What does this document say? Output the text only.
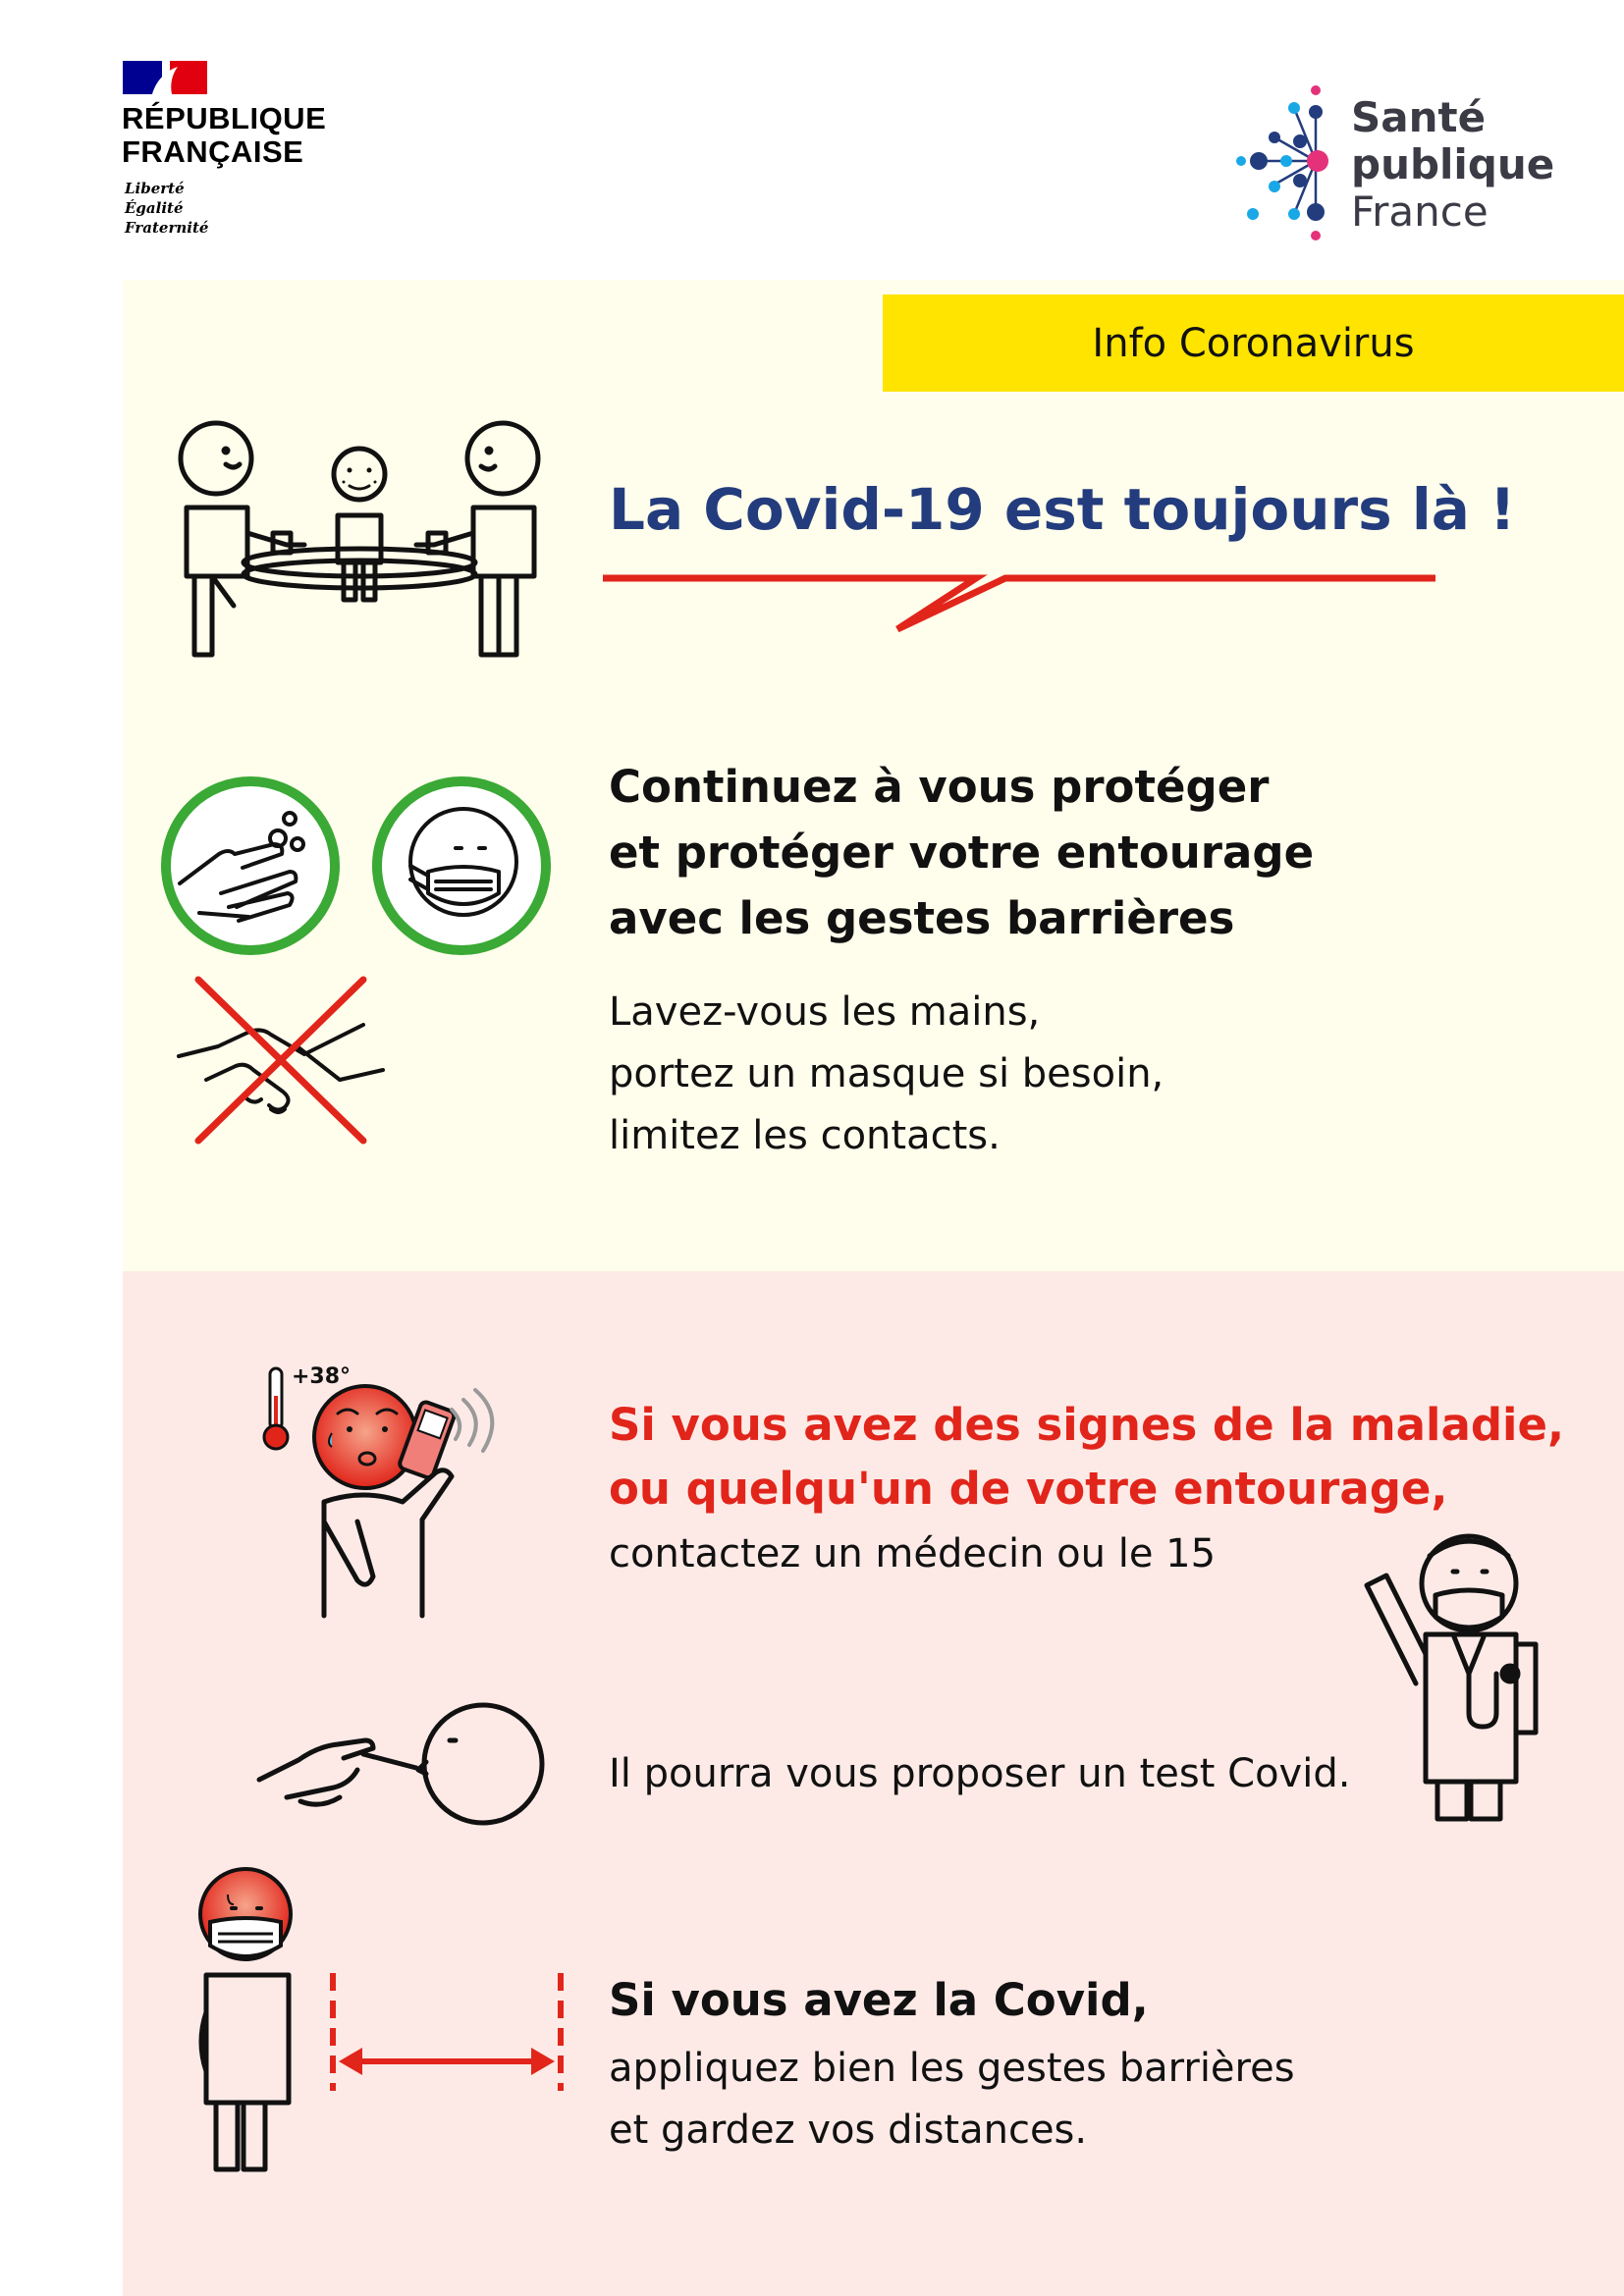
RÉPUBLIQUE
FRANÇAISE
Liberté
Égalité
Fraternité
Santé
publique
France
Info Coronavirus
La Covid-19 est toujours là !
Continuez à vous protéger
et protéger votre entourage
avec les gestes barrières
Lavez-vous les mains,
portez un masque si besoin,
limitez les contacts.
+38°
Si vous avez des signes de la maladie,
ou quelqu'un de votre entourage,
contactez un médecin ou le 15
Il pourra vous proposer un test Covid.
Si vous avez la Covid,
appliquez bien les gestes barrières
et gardez vos distances.
